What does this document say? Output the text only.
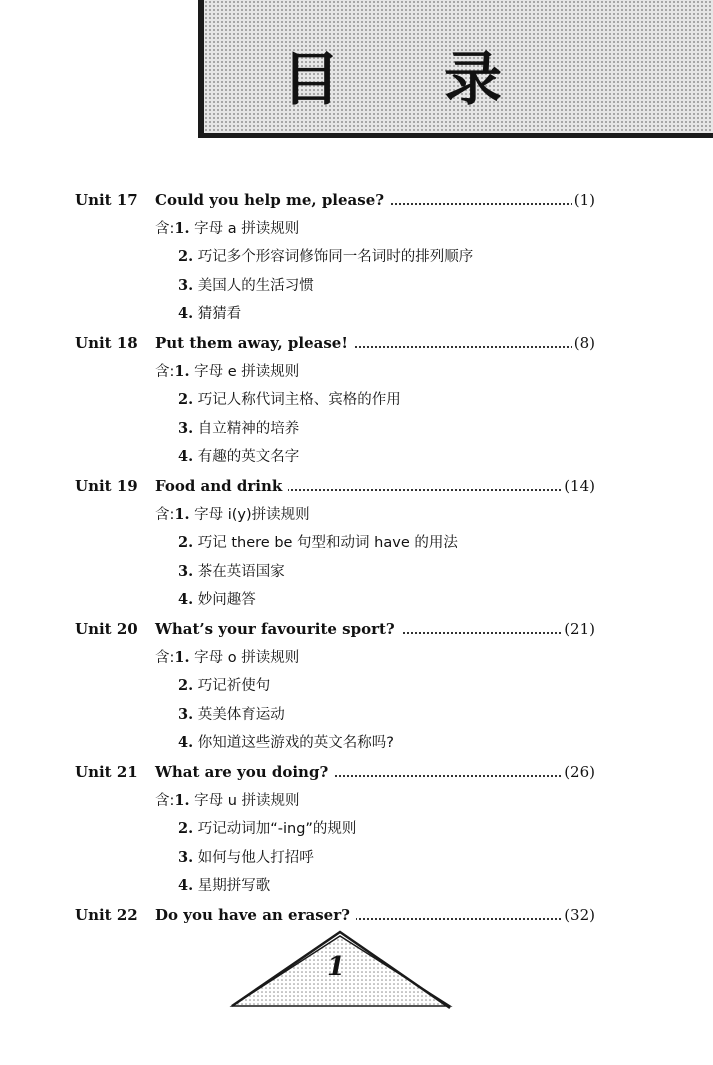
目 录
Unit 17 Could you help me, please?	(1)
含:1. 字母 a 拼读规则
2. 巧记多个形容词修饰同一名词时的排列顺序
3. 美国人的生活习惯
4. 猜猜看
Unit 18 Put them away, please!	(8)
含:1. 字母 e 拼读规则
2. 巧记人称代词主格、宾格的作用
3. 自立精神的培养
4. 有趣的英文名字
Unit 19 Food and drink	(14)
含:1. 字母 i(y)拼读规则
2. 巧记 there be 句型和动词 have 的用法
3. 茶在英语国家
4. 妙问趣答
Unit 20 What’s your favourite sport?	(21)
含:1. 字母 o 拼读规则
2. 巧记祈使句
3. 英美体育运动
4. 你知道这些游戏的英文名称吗?
Unit 21 What are you doing?	(26)
含:1. 字母 u 拼读规则
2. 巧记动词加“-ing”的规则
3. 如何与他人打招呼
4. 星期拼写歌
Unit 22 Do you have an eraser?	(32)
1
